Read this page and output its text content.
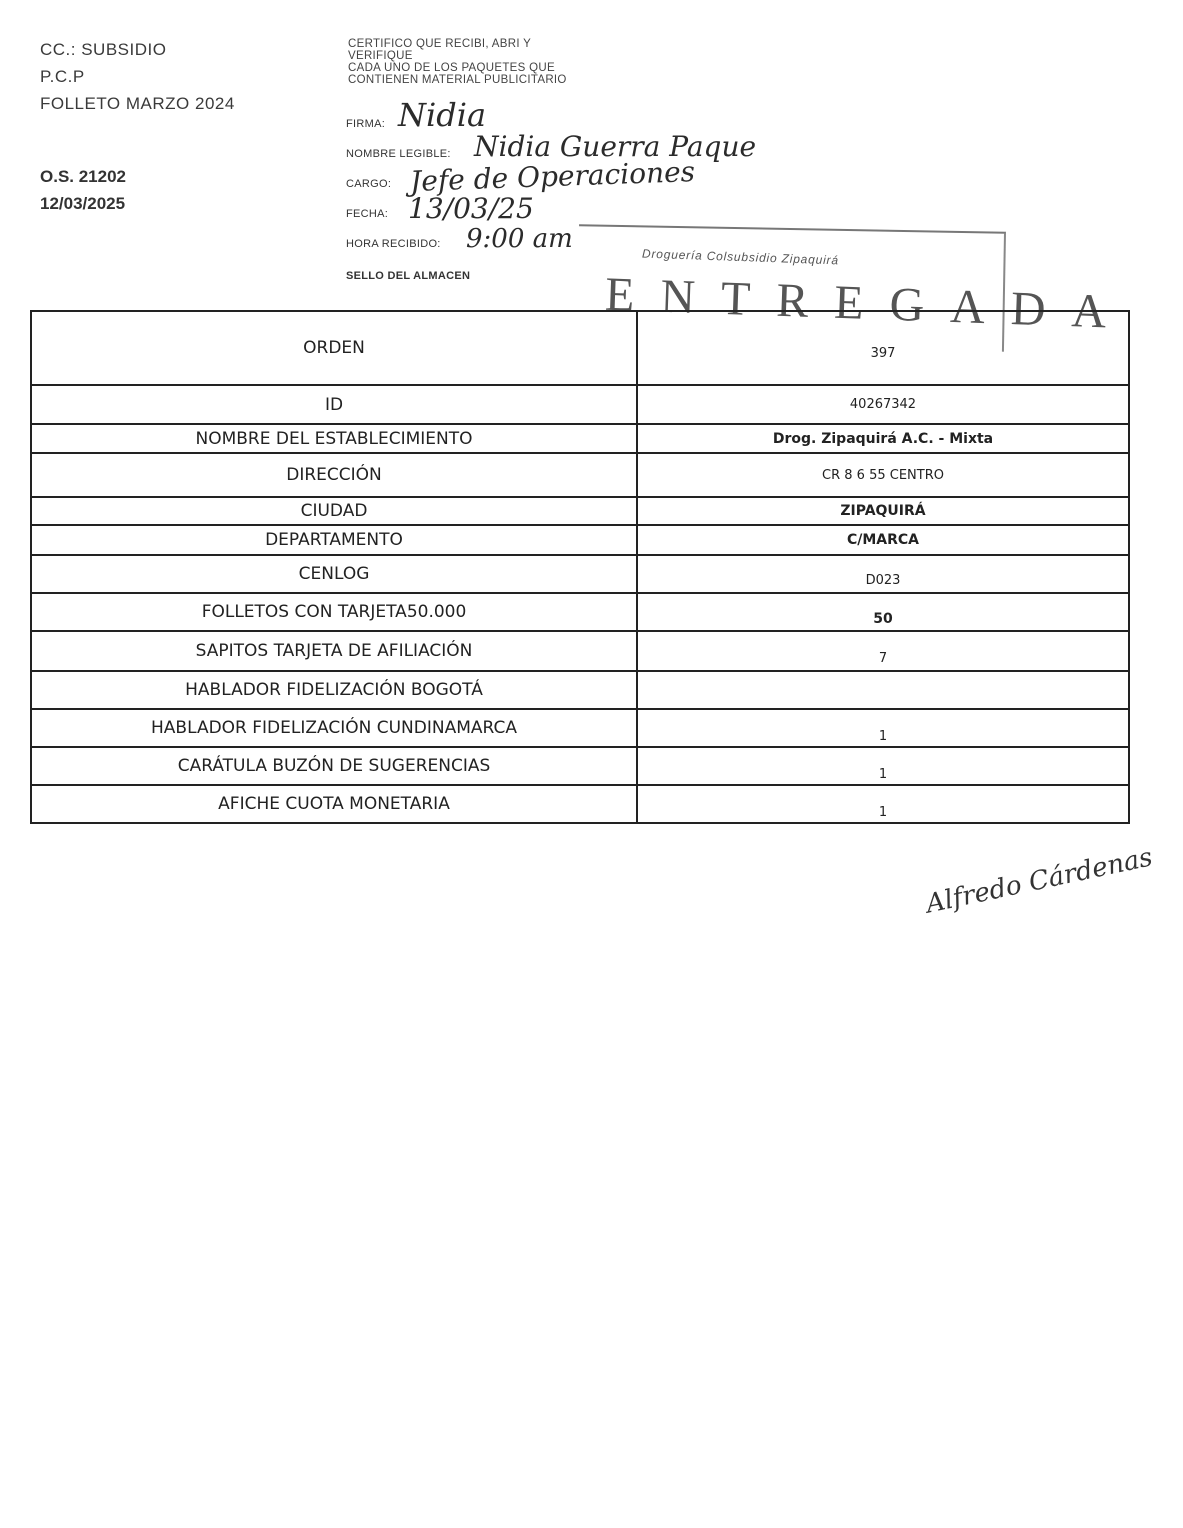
CC.: SUBSIDIO
P.C.P
FOLLETO MARZO 2024
O.S. 21202
12/03/2025
CERTIFICO QUE RECIBI, ABRI Y
VERIFIQUE
CADA UNO DE LOS PAQUETES QUE
CONTIENEN MATERIAL PUBLICITARIO
FIRMA: Nidia
NOMBRE LEGIBLE: Nidia Guerra Paque
CARGO: Jefe de Operaciones
FECHA: 13/03/25
HORA RECIBIDO: 9:00 am
SELLO DEL ALMACEN
Droguería Colsubsidio Zipaquirá
ENTREGADA
ORDEN	397
ID	40267342
NOMBRE DEL ESTABLECIMIENTO	Drog. Zipaquirá A.C. - Mixta
DIRECCIÓN	CR 8 6 55 CENTRO
CIUDAD	ZIPAQUIRÁ
DEPARTAMENTO	C/MARCA
CENLOG	D023
FOLLETOS CON TARJETA50.000	50
SAPITOS TARJETA DE AFILIACIÓN	7
HABLADOR FIDELIZACIÓN BOGOTÁ
HABLADOR FIDELIZACIÓN CUNDINAMARCA	1
CARÁTULA BUZÓN DE SUGERENCIAS	1
AFICHE CUOTA MONETARIA	1
Alfredo Cárdenas
